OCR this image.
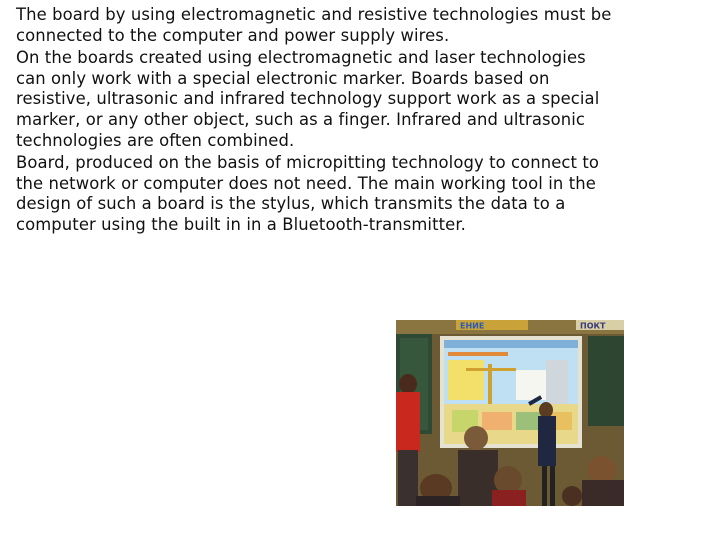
The board by using electromagnetic and resistive technologies must be connected to the computer and power supply wires.

On the boards created using electromagnetic and laser technologies can only work with a special electronic marker. Boards based on resistive, ultrasonic and infrared technology support work as a special marker, or any other object, such as a finger. Infrared and ultrasonic technologies are often combined.

Board, produced on the basis of micropitting technology to connect to the network or computer does not need. The main working tool in the design of such a board is the stylus, which transmits the data to a computer using the built in in a Bluetooth-transmitter.

ЕНИЕ	ПОКТ
